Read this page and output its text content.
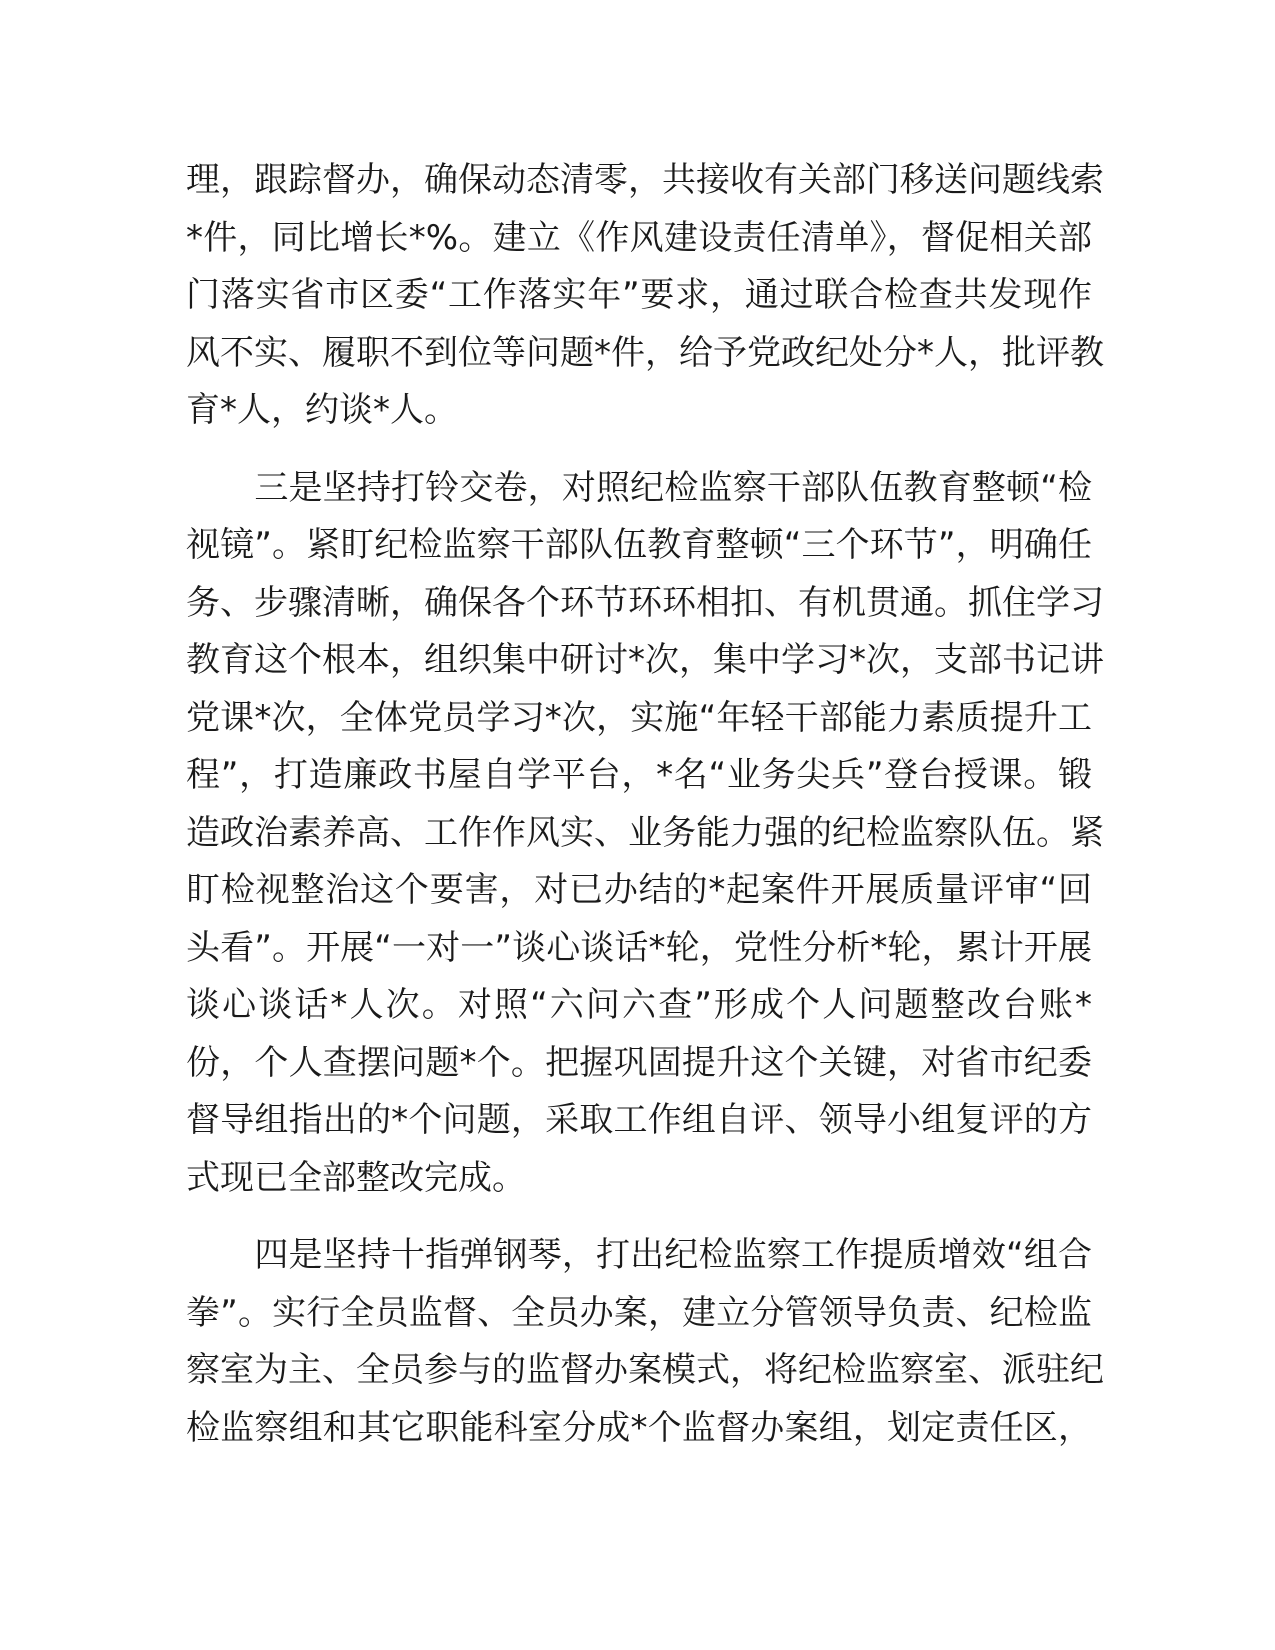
理，跟踪督办，确保动态清零，共接收有关部门移送问题线索
*件，同比增长*%。建立《作风建设责任清单》，督促相关部
门落实省市区委“工作落实年”要求，通过联合检查共发现作
风不实、履职不到位等问题*件，给予党政纪处分*人，批评教
育*人，约谈*人。
　　三是坚持打铃交卷，对照纪检监察干部队伍教育整顿“检
视镜”。紧盯纪检监察干部队伍教育整顿“三个环节”，明确任
务、步骤清晰，确保各个环节环环相扣、有机贯通。抓住学习
教育这个根本，组织集中研讨*次，集中学习*次，支部书记讲
党课*次，全体党员学习*次，实施“年轻干部能力素质提升工
程”，打造廉政书屋自学平台，*名“业务尖兵”登台授课。锻
造政治素养高、工作作风实、业务能力强的纪检监察队伍。紧
盯检视整治这个要害，对已办结的*起案件开展质量评审“回
头看”。开展“一对一”谈心谈话*轮，党性分析*轮，累计开展
谈心谈话*人次。对照“六问六查”形成个人问题整改台账*
份，个人查摆问题*个。把握巩固提升这个关键，对省市纪委
督导组指出的*个问题，采取工作组自评、领导小组复评的方
式现已全部整改完成。
　　四是坚持十指弹钢琴，打出纪检监察工作提质增效“组合
拳”。实行全员监督、全员办案，建立分管领导负责、纪检监
察室为主、全员参与的监督办案模式，将纪检监察室、派驻纪
检监察组和其它职能科室分成*个监督办案组，划定责任区，
